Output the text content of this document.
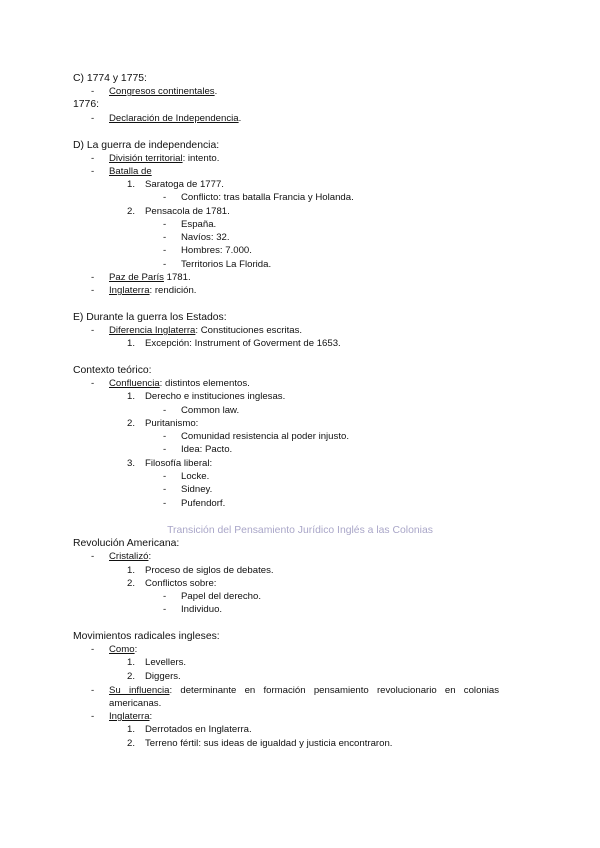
C) 1774 y 1775:
- Congresos continentales.
1776:
- Declaración de Independencia.
D) La guerra de independencia:
- División territorial: intento.
- Batalla de
1. Saratoga de 1777.
- Conflicto: tras batalla Francia y Holanda.
2. Pensacola de 1781.
- España.
- Navíos: 32.
- Hombres: 7.000.
- Territorios La Florida.
- Paz de París 1781.
- Inglaterra: rendición.
E) Durante la guerra los Estados:
- Diferencia Inglaterra: Constituciones escritas.
1. Excepción: Instrument of Goverment de 1653.
Contexto teórico:
- Confluencia: distintos elementos.
1. Derecho e instituciones inglesas.
- Common law.
2. Puritanismo:
- Comunidad resistencia al poder injusto.
- Idea: Pacto.
3. Filosofía liberal:
- Locke.
- Sidney.
- Pufendorf.
Transición del Pensamiento Jurídico Inglés a las Colonias
Revolución Americana:
- Cristalizó:
1. Proceso de siglos de debates.
2. Conflictos sobre:
- Papel del derecho.
- Individuo.
Movimientos radicales ingleses:
- Como:
1. Levellers.
2. Diggers.
- Su influencia: determinante en formación pensamiento revolucionario en colonias
americanas.
- Inglaterra:
1. Derrotados en Inglaterra.
2. Terreno fértil: sus ideas de igualdad y justicia encontraron.
